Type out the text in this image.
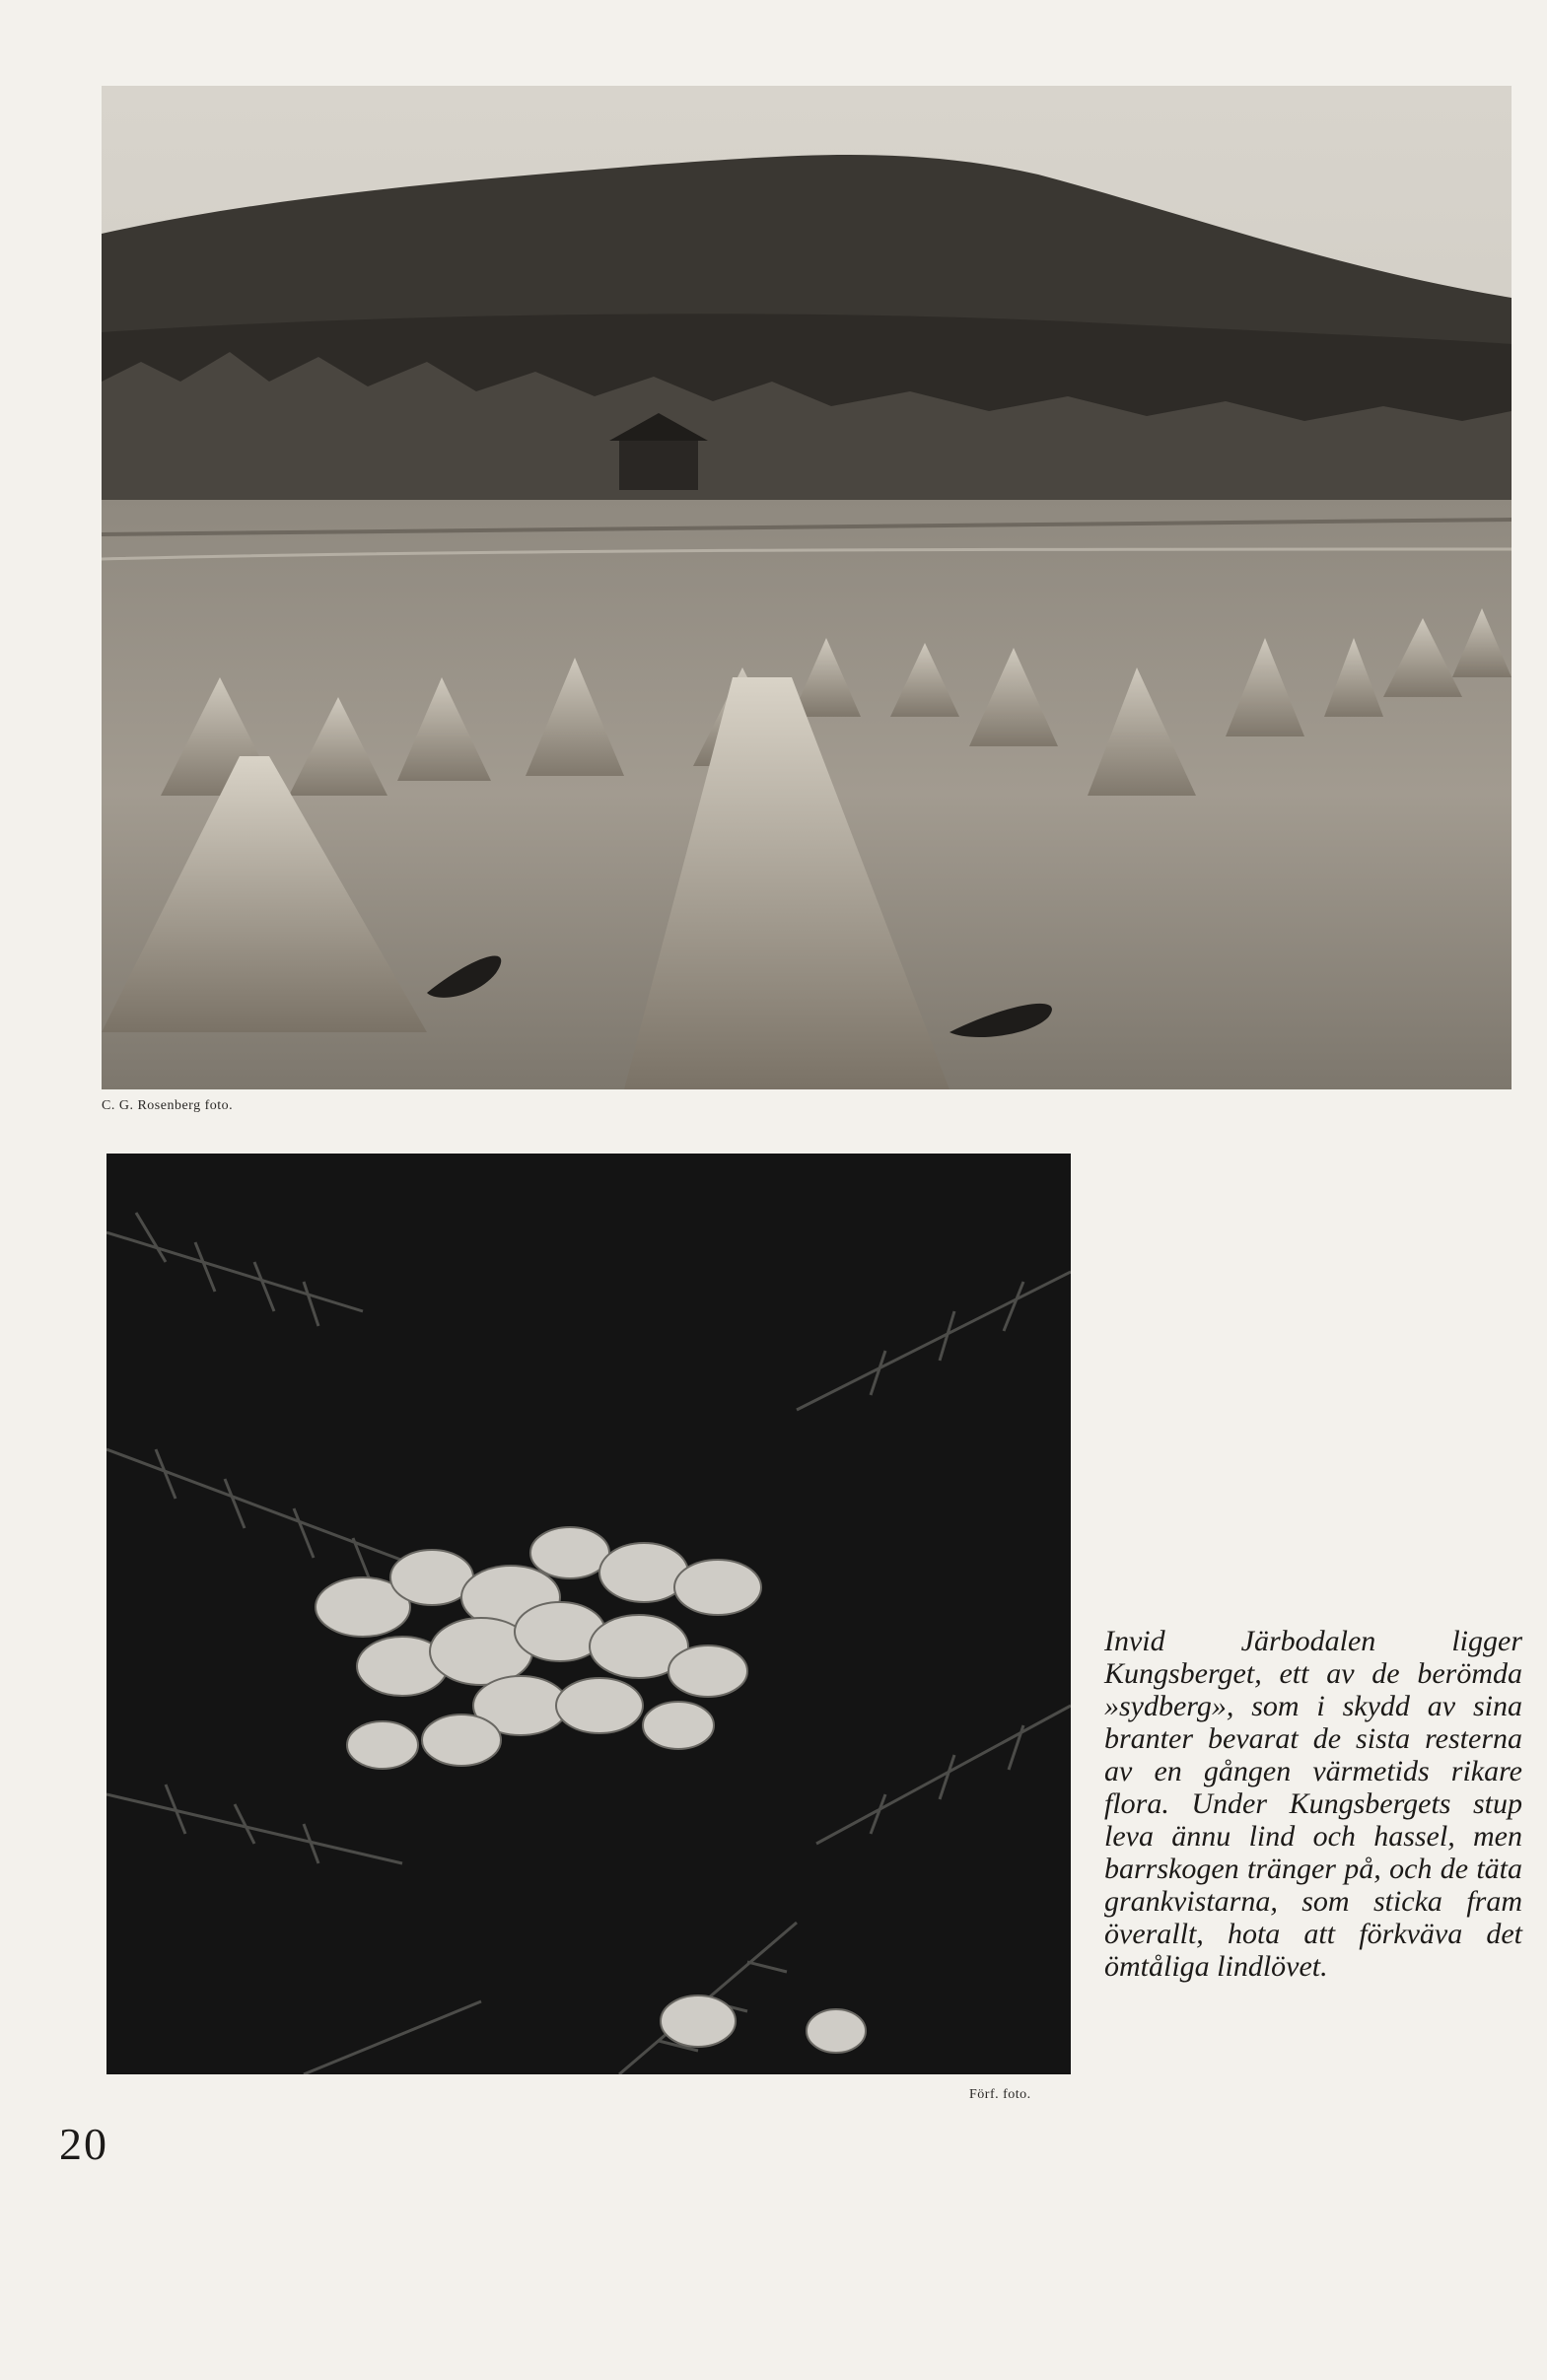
C. G. Rosenberg foto.
Förf. foto.
Invid Järbodalen ligger Kungsberget, ett av de berömda »sydberg», som i skydd av sina branter bevarat de sista resterna av en gången värmetids rikare flora. Under Kungsbergets stup leva ännu lind och hassel, men barrskogen tränger på, och de täta grankvistarna, som sticka fram överallt, hota att förkväva det ömtåliga lindlövet.
20
